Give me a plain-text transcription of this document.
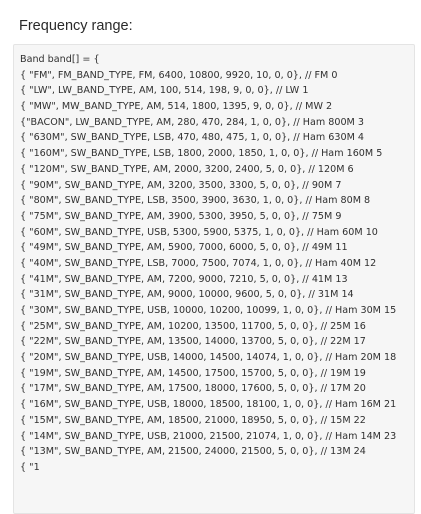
Frequency range:
Band band[] = {
{ "FM", FM_BAND_TYPE, FM, 6400, 10800, 9920, 10, 0, 0}, // FM 0
{ "LW", LW_BAND_TYPE, AM, 100, 514, 198, 9, 0, 0}, // LW 1
{ "MW", MW_BAND_TYPE, AM, 514, 1800, 1395, 9, 0, 0}, // MW 2
{"BACON", LW_BAND_TYPE, AM, 280, 470, 284, 1, 0, 0}, // Ham 800M 3
{ "630M", SW_BAND_TYPE, LSB, 470, 480, 475, 1, 0, 0}, // Ham 630M 4
{ "160M", SW_BAND_TYPE, LSB, 1800, 2000, 1850, 1, 0, 0}, // Ham 160M 5
{ "120M", SW_BAND_TYPE, AM, 2000, 3200, 2400, 5, 0, 0}, // 120M 6
{ "90M", SW_BAND_TYPE, AM, 3200, 3500, 3300, 5, 0, 0}, // 90M 7
{ "80M", SW_BAND_TYPE, LSB, 3500, 3900, 3630, 1, 0, 0}, // Ham 80M 8
{ "75M", SW_BAND_TYPE, AM, 3900, 5300, 3950, 5, 0, 0}, // 75M 9
{ "60M", SW_BAND_TYPE, USB, 5300, 5900, 5375, 1, 0, 0}, // Ham 60M 10
{ "49M", SW_BAND_TYPE, AM, 5900, 7000, 6000, 5, 0, 0}, // 49M 11
{ "40M", SW_BAND_TYPE, LSB, 7000, 7500, 7074, 1, 0, 0}, // Ham 40M 12
{ "41M", SW_BAND_TYPE, AM, 7200, 9000, 7210, 5, 0, 0}, // 41M 13
{ "31M", SW_BAND_TYPE, AM, 9000, 10000, 9600, 5, 0, 0}, // 31M 14
{ "30M", SW_BAND_TYPE, USB, 10000, 10200, 10099, 1, 0, 0}, // Ham 30M 15
{ "25M", SW_BAND_TYPE, AM, 10200, 13500, 11700, 5, 0, 0}, // 25M 16
{ "22M", SW_BAND_TYPE, AM, 13500, 14000, 13700, 5, 0, 0}, // 22M 17
{ "20M", SW_BAND_TYPE, USB, 14000, 14500, 14074, 1, 0, 0}, // Ham 20M 18
{ "19M", SW_BAND_TYPE, AM, 14500, 17500, 15700, 5, 0, 0}, // 19M 19
{ "17M", SW_BAND_TYPE, AM, 17500, 18000, 17600, 5, 0, 0}, // 17M 20
{ "16M", SW_BAND_TYPE, USB, 18000, 18500, 18100, 1, 0, 0}, // Ham 16M 21
{ "15M", SW_BAND_TYPE, AM, 18500, 21000, 18950, 5, 0, 0}, // 15M 22
{ "14M", SW_BAND_TYPE, USB, 21000, 21500, 21074, 1, 0, 0}, // Ham 14M 23
{ "13M", SW_BAND_TYPE, AM, 21500, 24000, 21500, 5, 0, 0}, // 13M 24
{ "1
